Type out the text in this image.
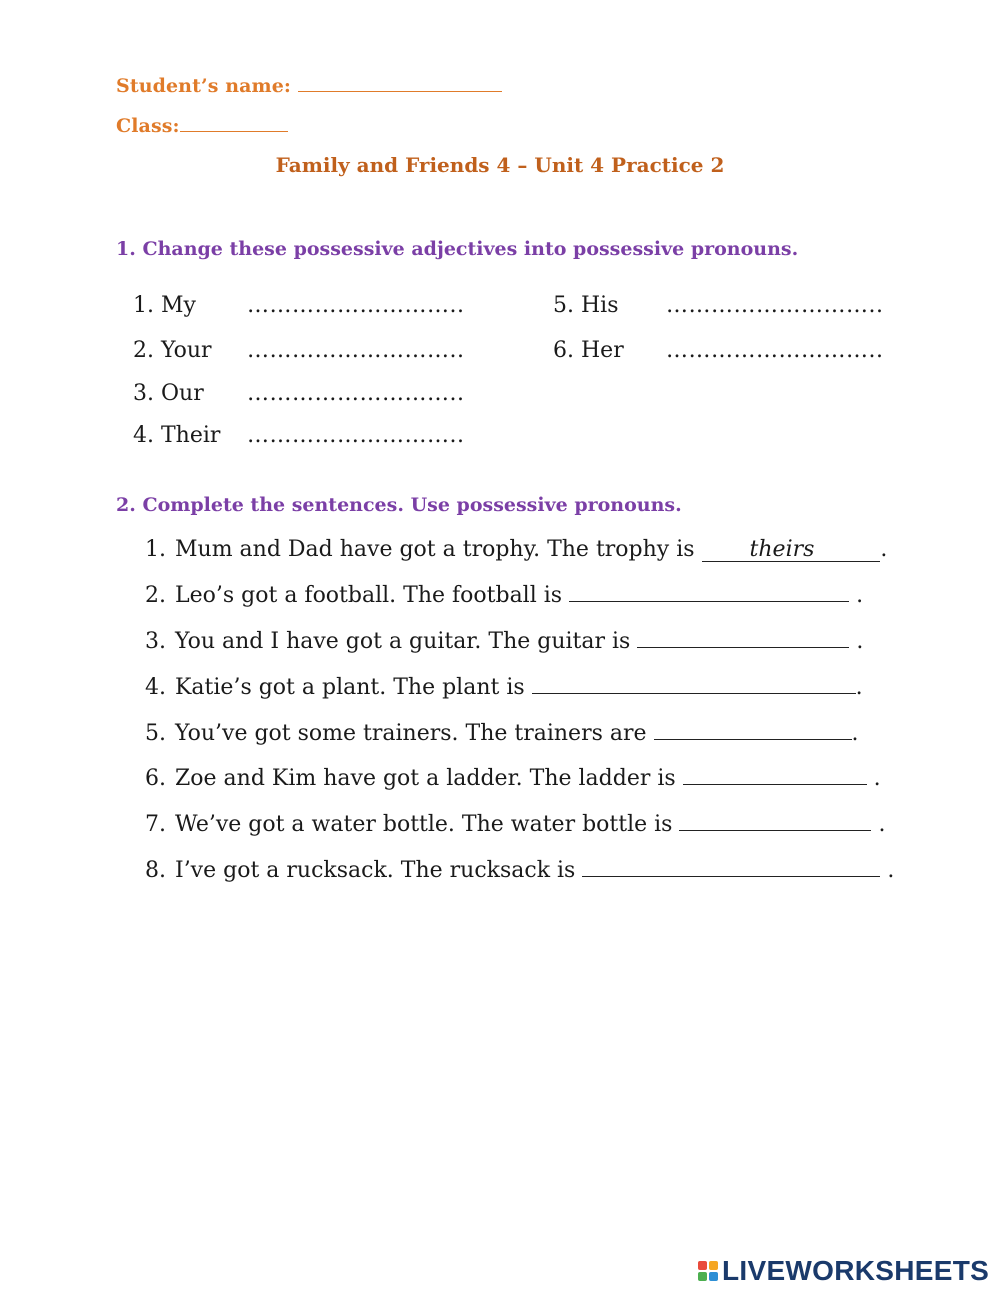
Student’s name:
Class:
Family and Friends 4 – Unit 4 Practice 2
1. Change these possessive adjectives into possessive pronouns.
1. My ………………………..
2. Your ………………………..
3. Our ………………………..
4. Their ………………………..
5. His ………………………..
6. Her ………………………..
2. Complete the sentences. Use possessive pronouns.
1. Mum and Dad have got a trophy. The trophy is	theirs	.
2. Leo’s got a football. The football is	.
3. You and I have got a guitar. The guitar is	.
4. Katie’s got a plant. The plant is	.
5. You’ve got some trainers. The trainers are	.
6. Zoe and Kim have got a ladder. The ladder is	.
7. We’ve got a water bottle. The water bottle is	.
8. I’ve got a rucksack. The rucksack is	.
LIVEWORKSHEETS
